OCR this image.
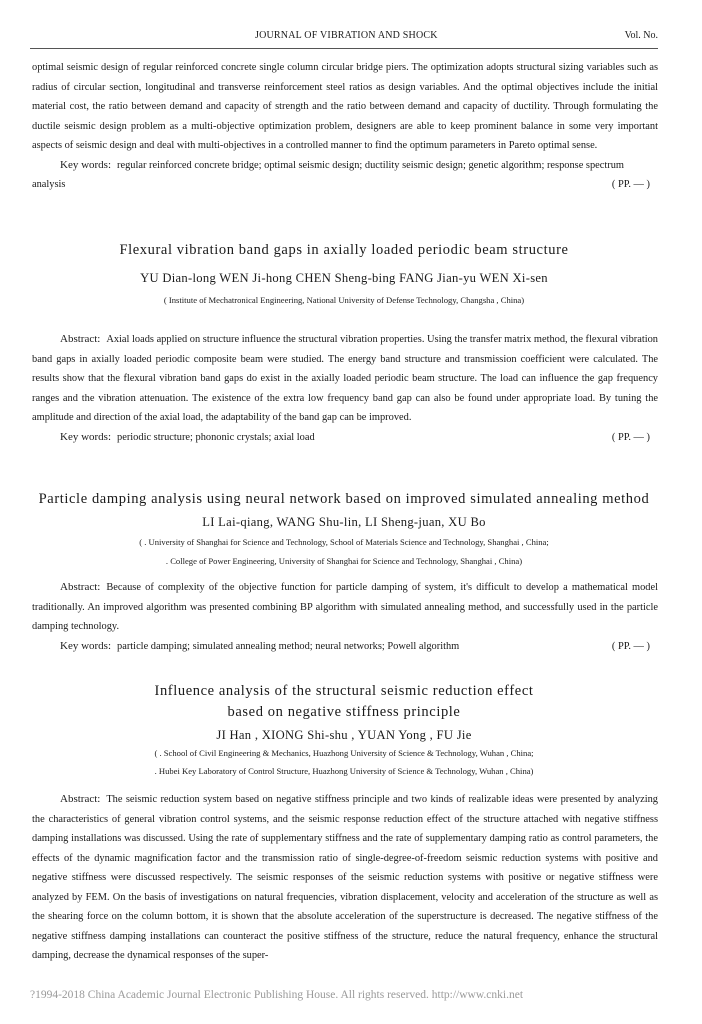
JOURNAL OF VIBRATION AND SHOCK	Vol. No.

optimal seismic design of regular reinforced concrete single column circular bridge piers. The optimization adopts structural sizing variables such as radius of circular section, longitudinal and transverse reinforcement steel ratios as design variables. And the optimal objectives include the initial material cost, the ratio between demand and capacity of strength and the ratio between demand and capacity of ductility. Through formulating the ductile seismic design problem as a multi-objective optimization problem, designers are able to keep prominent balance in some very important aspects of seismic design and deal with multi-objectives in a controlled manner to find the optimum parameters in Pareto optimal sense.

Key words: regular reinforced concrete bridge; optimal seismic design; ductility seismic design; genetic algorithm; response spectrum analysis	( PP. — )

Flexural vibration band gaps in axially loaded periodic beam structure
YU Dian-long WEN Ji-hong CHEN Sheng-bing FANG Jian-yu WEN Xi-sen
( Institute of Mechatronical Engineering, National University of Defense Technology, Changsha , China)

Abstract: Axial loads applied on structure influence the structural vibration properties. Using the transfer matrix method, the flexural vibration band gaps in axially loaded periodic composite beam were studied. The energy band structure and transmission coefficient were calculated. The results show that the flexural vibration band gaps do exist in the axially loaded periodic beam structure. The load can influence the gap frequency ranges and the vibration attenuation. The existence of the extra low frequency band gap can also be found under appropriate load. By tuning the amplitude and direction of the axial load, the adaptability of the band gap can be improved.

Key words: periodic structure; phononic crystals; axial load	( PP. — )

Particle damping analysis using neural network based on improved simulated annealing method
LI Lai-qiang, WANG Shu-lin, LI Sheng-juan, XU Bo
( . University of Shanghai for Science and Technology, School of Materials Science and Technology, Shanghai , China;
. College of Power Engineering, University of Shanghai for Science and Technology, Shanghai , China)

Abstract: Because of complexity of the objective function for particle damping of system, it's difficult to develop a mathematical model traditionally. An improved algorithm was presented combining BP algorithm with simulated annealing method, and successfully used in the particle damping technology.

Key words: particle damping; simulated annealing method; neural networks; Powell algorithm	( PP. — )

Influence analysis of the structural seismic reduction effect
based on negative stiffness principle
JI Han , XIONG Shi-shu , YUAN Yong , FU Jie
( . School of Civil Engineering & Mechanics, Huazhong University of Science & Technology, Wuhan , China;
. Hubei Key Laboratory of Control Structure, Huazhong University of Science & Technology, Wuhan , China)

Abstract: The seismic reduction system based on negative stiffness principle and two kinds of realizable ideas were presented by analyzing the characteristics of general vibration control systems, and the seismic response reduction effect of the structure attached with negative stiffness damping installations was discussed. Using the rate of supplementary stiffness and the rate of supplementary damping ratio as control parameters, the effects of the dynamic magnification factor and the transmission ratio of single-degree-of-freedom seismic reduction systems with positive and negative stiffness were discussed respectively. The seismic responses of the seismic reduction systems with positive or negative stiffness were analyzed by FEM. On the basis of investigations on natural frequencies, vibration displacement, velocity and acceleration of the structure as well as the shearing force on the column bottom, it is shown that the absolute acceleration of the superstructure is decreased. The negative stiffness of the negative stiffness damping installations can counteract the positive stiffness of the structure, reduce the natural frequency, enhance the structural damping, decrease the dynamical responses of the super-

?1994-2018 China Academic Journal Electronic Publishing House. All rights reserved. http://www.cnki.net
